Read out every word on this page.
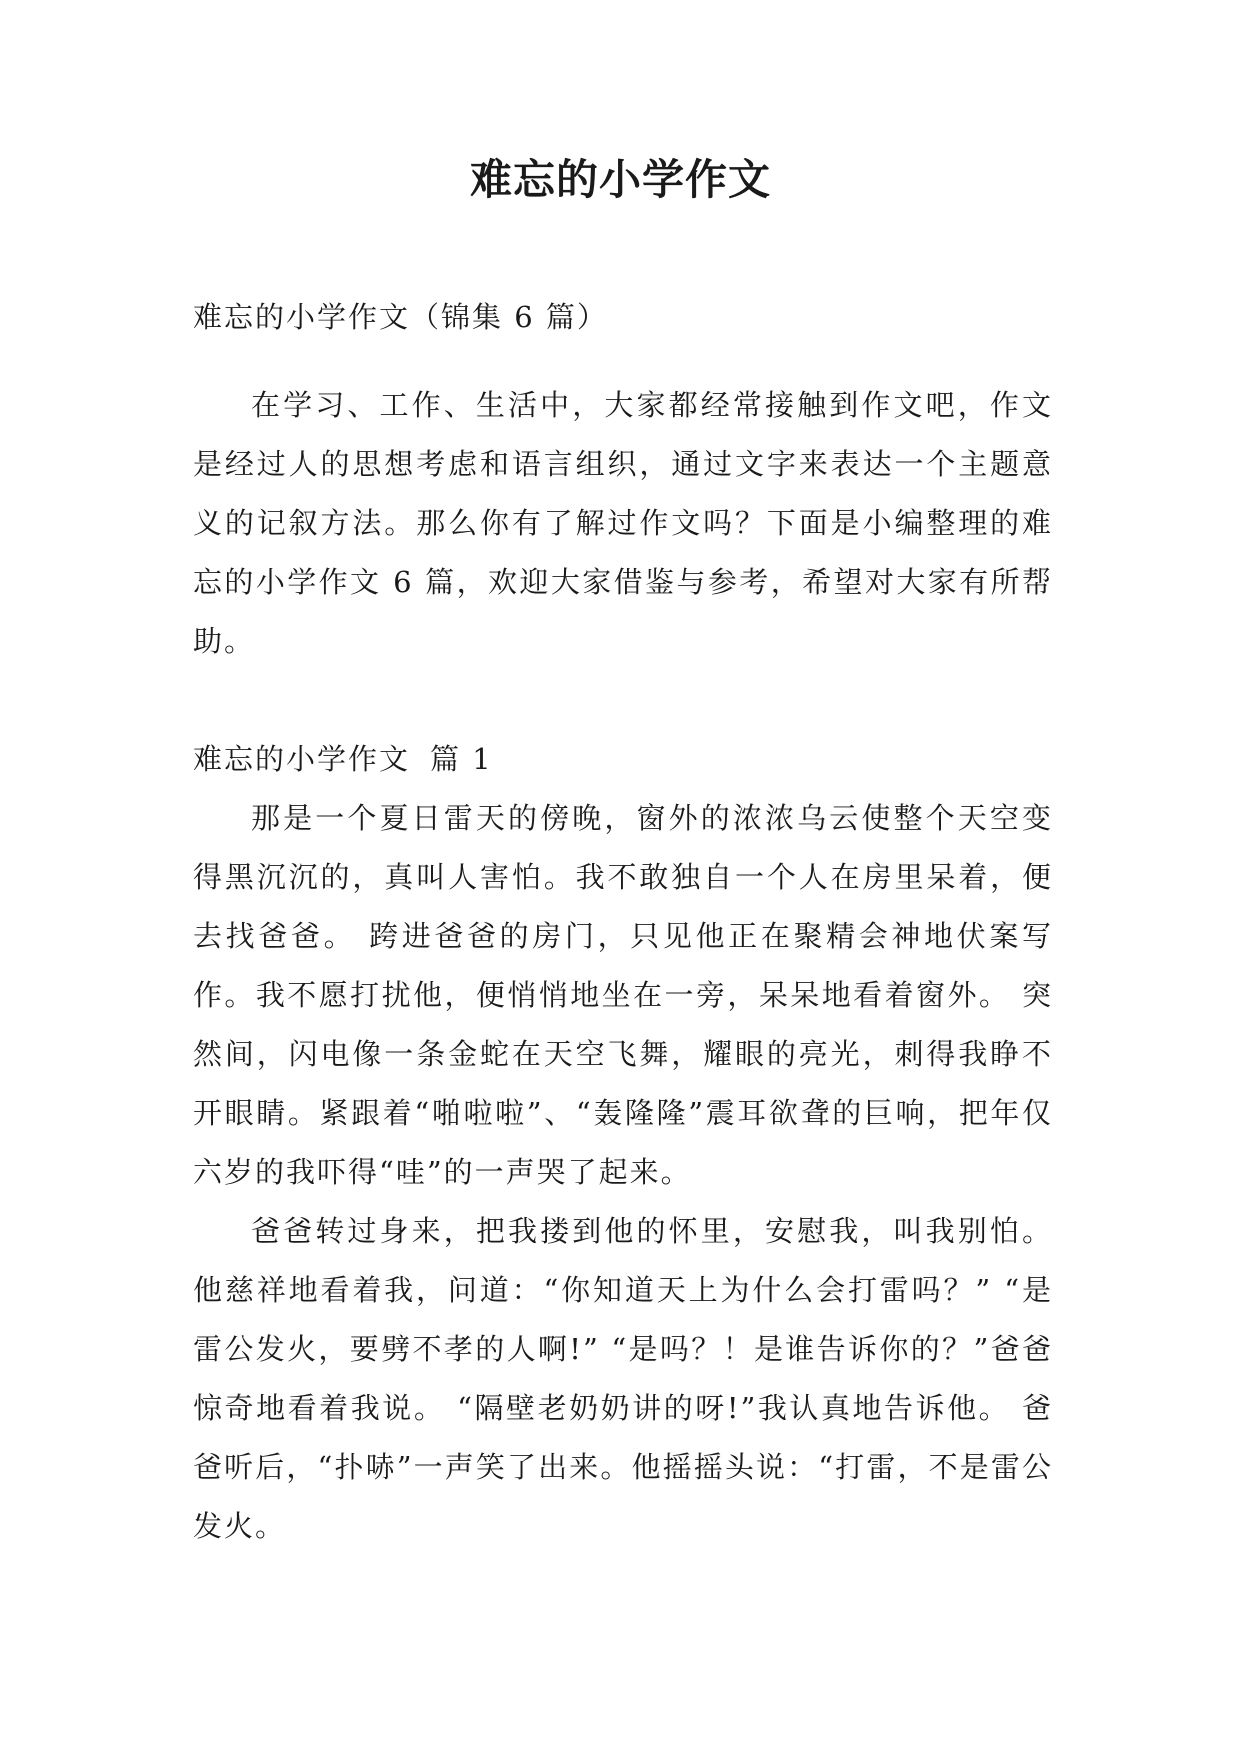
难忘的小学作文

难忘的小学作文（锦集 6 篇）

在学习、工作、生活中，大家都经常接触到作文吧，作文是经过人的思想考虑和语言组织，通过文字来表达一个主题意义的记叙方法。那么你有了解过作文吗？下面是小编整理的难忘的小学作文 6 篇，欢迎大家借鉴与参考，希望对大家有所帮助。

难忘的小学作文 篇 1

那是一个夏日雷天的傍晚，窗外的浓浓乌云使整个天空变得黑沉沉的，真叫人害怕。我不敢独自一个人在房里呆着，便去找爸爸。 跨进爸爸的房门，只见他正在聚精会神地伏案写作。我不愿打扰他，便悄悄地坐在一旁，呆呆地看着窗外。 突然间，闪电像一条金蛇在天空飞舞，耀眼的亮光，刺得我睁不开眼睛。紧跟着“啪啦啦”、“轰隆隆”震耳欲聋的巨响，把年仅六岁的我吓得“哇”的一声哭了起来。

爸爸转过身来，把我搂到他的怀里，安慰我，叫我别怕。他慈祥地看着我，问道：“你知道天上为什么会打雷吗？” “是雷公发火，要劈不孝的人啊!” “是吗？！是谁告诉你的？”爸爸惊奇地看着我说。 “隔壁老奶奶讲的呀!”我认真地告诉他。 爸爸听后，“扑哧”一声笑了出来。他摇摇头说：“打雷，不是雷公发火。
